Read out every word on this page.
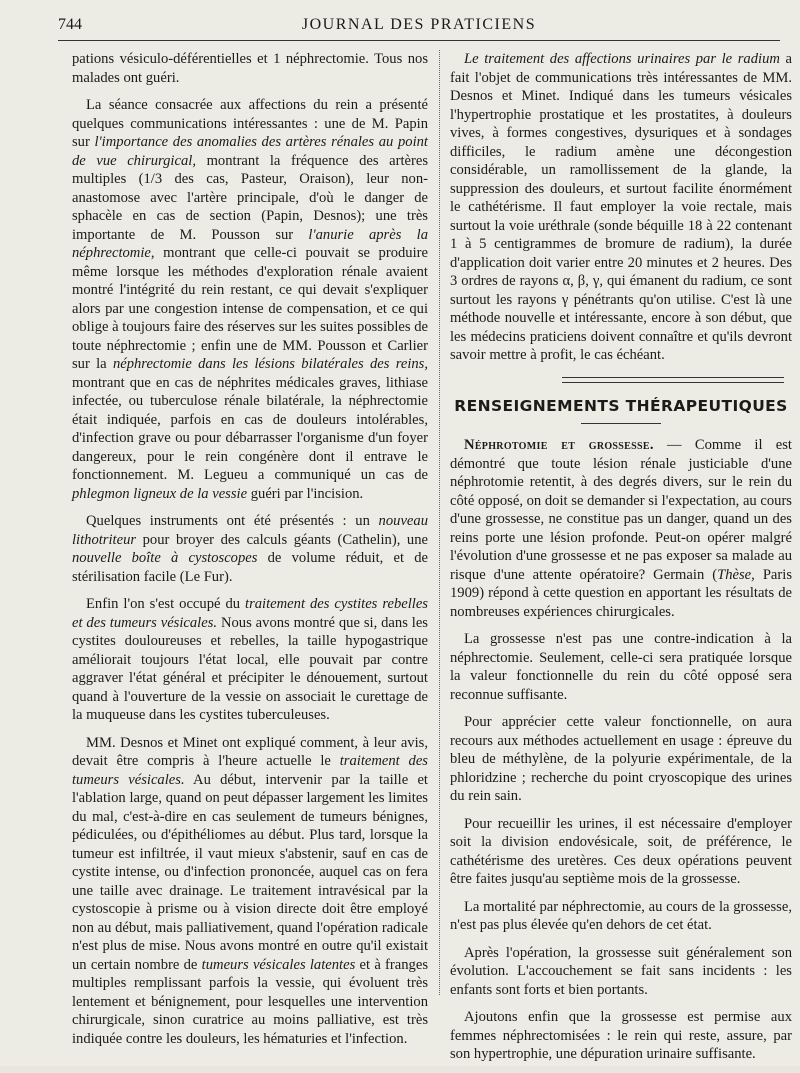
744	JOURNAL DES PRATICIENS

pations vésiculo-déférentielles et 1 néphrectomie. Tous nos malades ont guéri.

La séance consacrée aux affections du rein a présenté quelques communications intéressantes : une de M. Papin sur l'importance des anomalies des artères rénales au point de vue chirurgical, montrant la fréquence des artères multiples (1/3 des cas, Pasteur, Oraison), leur non-anastomose avec l'artère principale, d'où le danger de sphacèle en cas de section (Papin, Desnos); une très importante de M. Pousson sur l'anurie après la néphrectomie, montrant que celle-ci pouvait se produire même lorsque les méthodes d'exploration rénale avaient montré l'intégrité du rein restant, ce qui devait s'expliquer alors par une congestion intense de compensation, et ce qui oblige à toujours faire des réserves sur les suites possibles de toute néphrectomie ; enfin une de MM. Pousson et Carlier sur la néphrectomie dans les lésions bilatérales des reins, montrant que en cas de néphrites médicales graves, lithiase infectée, ou tuberculose rénale bilatérale, la néphrectomie était indiquée, parfois en cas de douleurs intolérables, d'infection grave ou pour débarrasser l'organisme d'un foyer dangereux, pour le rein congénère dont il entrave le fonctionnement. M. Legueu a communiqué un cas de phlegmon ligneux de la vessie guéri par l'incision.

Quelques instruments ont été présentés : un nouveau lithotriteur pour broyer des calculs géants (Cathelin), une nouvelle boîte à cystoscopes de volume réduit, et de stérilisation facile (Le Fur).

Enfin l'on s'est occupé du traitement des cystites rebelles et des tumeurs vésicales. Nous avons montré que si, dans les cystites douloureuses et rebelles, la taille hypogastrique améliorait toujours l'état local, elle pouvait par contre aggraver l'état général et précipiter le dénouement, surtout quand à l'ouverture de la vessie on associait le curettage de la muqueuse dans les cystites tuberculeuses.

MM. Desnos et Minet ont expliqué comment, à leur avis, devait être compris à l'heure actuelle le traitement des tumeurs vésicales. Au début, intervenir par la taille et l'ablation large, quand on peut dépasser largement les limites du mal, c'est-à-dire en cas seulement de tumeurs bénignes, pédiculées, ou d'épithéliomes au début. Plus tard, lorsque la tumeur est infiltrée, il vaut mieux s'abstenir, sauf en cas de cystite intense, ou d'infection prononcée, auquel cas on fera une taille avec drainage. Le traitement intravésical par la cystoscopie à prisme ou à vision directe doit être employé non au début, mais palliativement, quand l'opération radicale n'est plus de mise. Nous avons montré en outre qu'il existait un certain nombre de tumeurs vésicales latentes et à franges multiples remplissant parfois la vessie, qui évoluent très lentement et bénignement, pour lesquelles une intervention chirurgicale, sinon curatrice au moins palliative, est très indiquée contre les douleurs, les hématuries et l'infection.

Le traitement des affections urinaires par le radium a fait l'objet de communications très intéressantes de MM. Desnos et Minet. Indiqué dans les tumeurs vésicales l'hypertrophie prostatique et les prostatites, à douleurs vives, à formes congestives, dysuriques et à sondages difficiles, le radium amène une décongestion considérable, un ramollissement de la glande, la suppression des douleurs, et surtout facilite énormément le cathétérisme. Il faut employer la voie rectale, mais surtout la voie uréthrale (sonde béquille 18 à 22 contenant 1 à 5 centigrammes de bromure de radium), la durée d'application doit varier entre 20 minutes et 2 heures. Des 3 ordres de rayons α, β, γ, qui émanent du radium, ce sont surtout les rayons γ pénétrants qu'on utilise. C'est là une méthode nouvelle et intéressante, encore à son début, que les médecins praticiens doivent connaître et qu'ils devront savoir mettre à profit, le cas échéant.

RENSEIGNEMENTS THÉRAPEUTIQUES

Néphrotomie et grossesse. — Comme il est démontré que toute lésion rénale justiciable d'une néphrotomie retentit, à des degrés divers, sur le rein du côté opposé, on doit se demander si l'expectation, au cours d'une grossesse, ne constitue pas un danger, quand un des reins porte une lésion profonde. Peut-on opérer malgré l'évolution d'une grossesse et ne pas exposer sa malade au risque d'une attente opératoire? Germain (Thèse, Paris 1909) répond à cette question en apportant les résultats de nombreuses expériences chirurgicales.

La grossesse n'est pas une contre-indication à la néphrectomie. Seulement, celle-ci sera pratiquée lorsque la valeur fonctionnelle du rein du côté opposé sera reconnue suffisante.

Pour apprécier cette valeur fonctionnelle, on aura recours aux méthodes actuellement en usage : épreuve du bleu de méthylène, de la polyurie expérimentale, de la phloridzine ; recherche du point cryoscopique des urines du rein sain.

Pour recueillir les urines, il est nécessaire d'employer soit la division endovésicale, soit, de préférence, le cathétérisme des uretères. Ces deux opérations peuvent être faites jusqu'au septième mois de la grossesse.

La mortalité par néphrectomie, au cours de la grossesse, n'est pas plus élevée qu'en dehors de cet état.

Après l'opération, la grossesse suit généralement son évolution. L'accouchement se fait sans incidents : les enfants sont forts et bien portants.

Ajoutons enfin que la grossesse est permise aux femmes néphrectomisées : le rein qui reste, assure, par son hypertrophie, une dépuration urinaire suffisante.
